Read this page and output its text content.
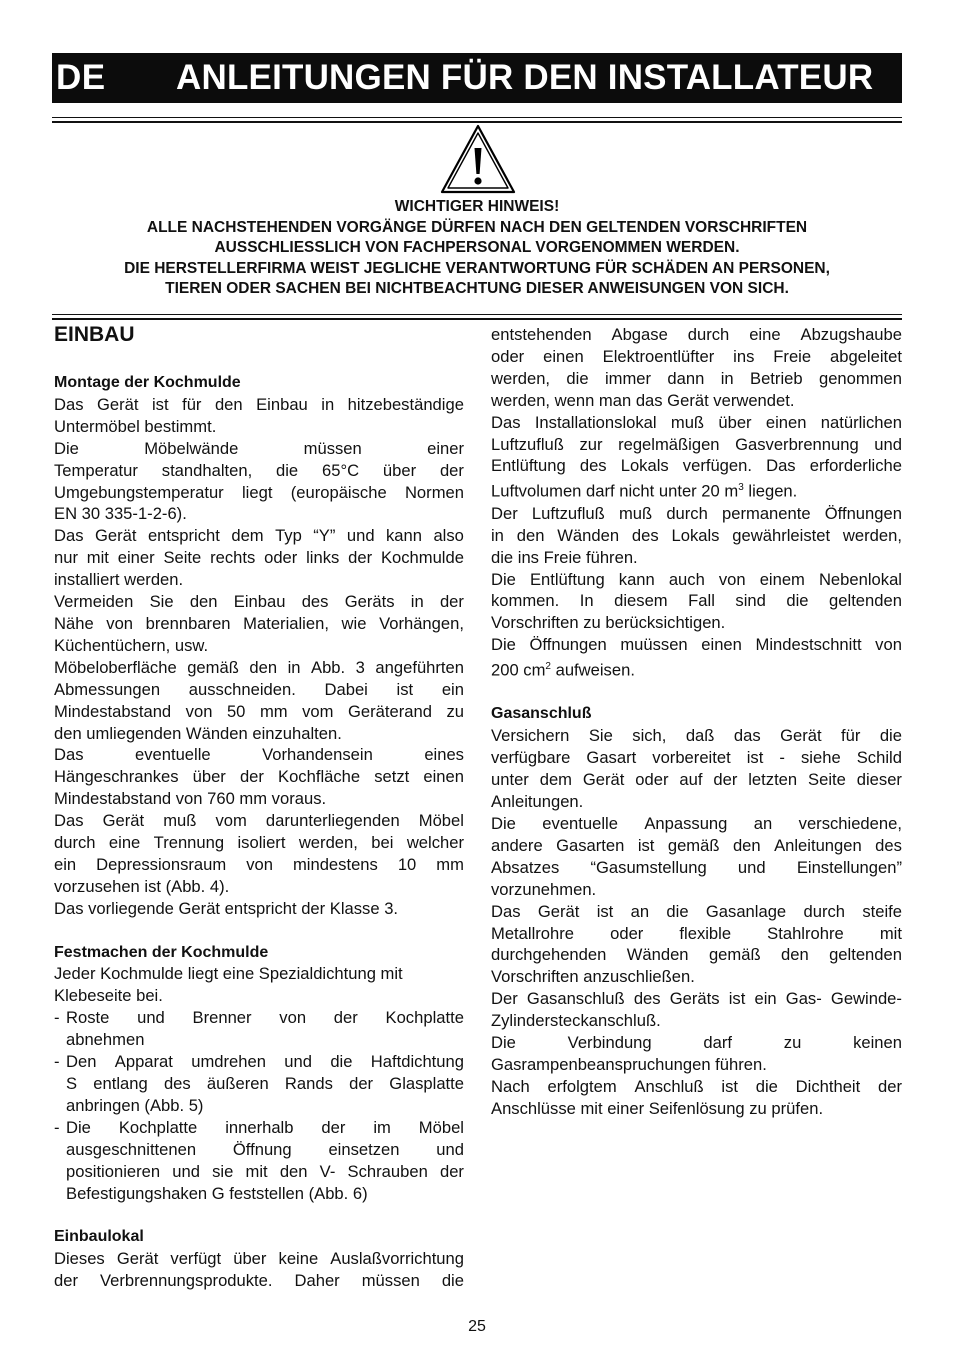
DE ANLEITUNGEN FÜR DEN INSTALLATEUR
WICHTIGER HINWEIS!
ALLE NACHSTEHENDEN VORGÄNGE DÜRFEN NACH DEN GELTENDEN VORSCHRIFTEN
AUSSCHLIESSLICH VON FACHPERSONAL VORGENOMMEN WERDEN.
DIE HERSTELLERFIRMA WEIST JEGLICHE VERANTWORTUNG FÜR SCHÄDEN AN PERSONEN,
TIEREN ODER SACHEN BEI NICHTBEACHTUNG DIESER ANWEISUNGEN VON SICH.
EINBAU
Montage der Kochmulde
Das Gerät ist für den Einbau in hitzebeständige
Untermöbel bestimmt.
Die	Möbelwände	müssen	einer
Temperatur standhalten, die 65°C über der
Umgebungstemperatur liegt (europäische Normen
EN 30 335-1-2-6).
Das Gerät entspricht dem Typ “Y” und kann also
nur mit einer Seite rechts oder links der Kochmulde
installiert werden.
Vermeiden Sie den Einbau des Geräts in der
Nähe von brennbaren Materialien, wie Vorhängen,
Küchentüchern, usw.
Möbeloberfläche gemäß den in Abb. 3 angeführten
Abmessungen ausschneiden. Dabei ist ein
Mindestabstand von 50 mm vom Geräterand zu
den umliegenden Wänden einzuhalten.
Das	eventuelle	Vorhandensein	eines
Hängeschrankes über der Kochfläche setzt einen
Mindestabstand von 760 mm voraus.
Das Gerät muß vom darunterliegenden Möbel
durch eine Trennung isoliert werden, bei welcher
ein Depressionsraum von mindestens 10 mm
vorzusehen ist (Abb. 4).
Das vorliegende Gerät entspricht der Klasse 3.
Festmachen der Kochmulde
Jeder Kochmulde liegt eine Spezialdichtung mit
Klebeseite bei.
- Roste und Brenner von der Kochplatte
abnehmen
- Den Apparat umdrehen und die Haftdichtung
S entlang des äußeren Rands der Glasplatte
anbringen (Abb. 5)
- Die Kochplatte innerhalb der im Möbel
ausgeschnittenen Öffnung einsetzen und
positionieren und sie mit den V- Schrauben der
Befestigungshaken G feststellen (Abb. 6)
Einbaulokal
Dieses Gerät verfügt über keine Auslaßvorrichtung
der Verbrennungsprodukte. Daher müssen die
entstehenden Abgase durch eine Abzugshaube
oder einen Elektroentlüfter ins Freie abgeleitet
werden, die immer dann in Betrieb genommen
werden, wenn man das Gerät verwendet.
Das Installationslokal muß über einen natürlichen
Luftzufluß zur regelmäßigen Gasverbrennung und
Entlüftung des Lokals verfügen. Das erforderliche
Luftvolumen darf nicht unter 20 $m^3$ liegen.
Der Luftzufluß muß durch permanente Öffnungen
in den Wänden des Lokals gewährleistet werden,
die ins Freie führen.
Die Entlüftung kann auch von einem Nebenlokal
kommen. In diesem Fall sind die geltenden
Vorschriften zu berücksichtigen.
Die Öffnungen muüssen einen Mindestschnitt von
200 $cm^2$ aufweisen.
Gasanschluß
Versichern Sie sich, daß das Gerät für die
verfügbare Gasart vorbereitet ist - siehe Schild
unter dem Gerät oder auf der letzten Seite dieser
Anleitungen.
Die eventuelle Anpassung an verschiedene,
andere Gasarten ist gemäß den Anleitungen des
Absatzes “Gasumstellung und Einstellungen”
vorzunehmen.
Das Gerät ist an die Gasanlage durch steife
Metallrohre oder flexible Stahlrohre mit
durchgehenden Wänden gemäß den geltenden
Vorschriften anzuschließen.
Der Gasanschluß des Geräts ist ein Gas- Gewinde-
Zylindersteckanschluß.
Die	Verbindung	darf	zu	keinen
Gasrampenbeanspruchungen führen.
Nach erfolgtem Anschluß ist die Dichtheit der
Anschlüsse mit einer Seifenlösung zu prüfen.
25
